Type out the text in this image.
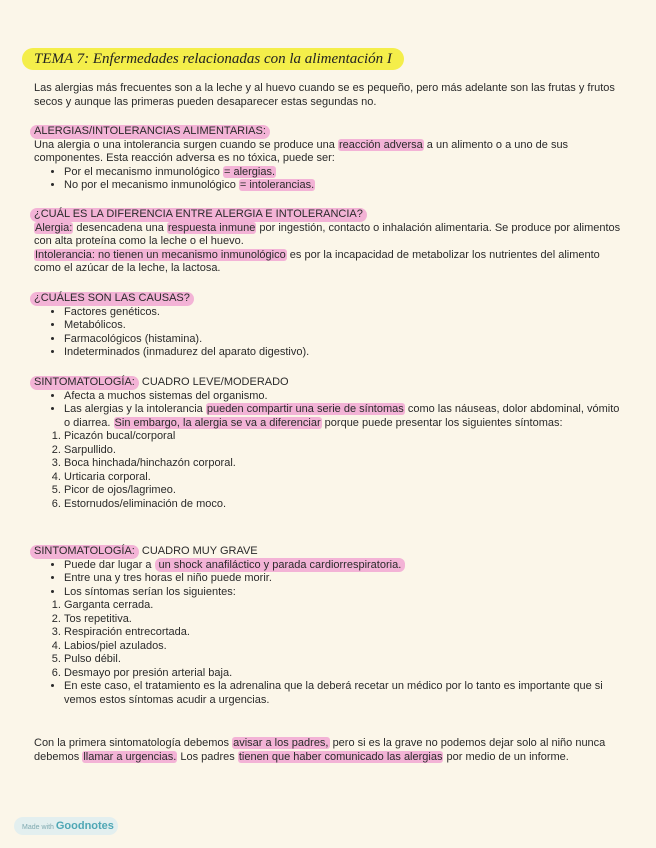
TEMA 7: Enfermedades relacionadas con la alimentación I

Las alergias más frecuentes son a la leche y al huevo cuando se es pequeño, pero más adelante son las frutas y frutos secos y aunque las primeras pueden desaparecer estas segundas no.

ALERGIAS/INTOLERANCIAS ALIMENTARIAS:

Una alergia o una intolerancia surgen cuando se produce una reacción adversa a un alimento o a uno de sus componentes. Esta reacción adversa es no tóxica, puede ser:

• Por el mecanismo inmunológico = alergias.
• No por el mecanismo inmunológico = intolerancias.

¿CUÁL ES LA DIFERENCIA ENTRE ALERGIA E INTOLERANCIA?

Alergia: desencadena una respuesta inmune por ingestión, contacto o inhalación alimentaria. Se produce por alimentos con alta proteína como la leche o el huevo.

Intolerancia: no tienen un mecanismo inmunológico es por la incapacidad de metabolizar los nutrientes del alimento como el azúcar de la leche, la lactosa.

¿CUÁLES SON LAS CAUSAS?

• Factores genéticos.
• Metabólicos.
• Farmacológicos (histamina).
• Indeterminados (inmadurez del aparato digestivo).

SINTOMATOLOGÍA: CUADRO LEVE/MODERADO

• Afecta a muchos sistemas del organismo.
• Las alergias y la intolerancia pueden compartir una serie de síntomas como las náuseas, dolor abdominal, vómito o diarrea. Sin embargo, la alergia se va a diferenciar porque puede presentar los siguientes síntomas:
1. Picazón bucal/corporal
2. Sarpullido.
3. Boca hinchada/hinchazón corporal.
4. Urticaria corporal.
5. Picor de ojos/lagrimeo.
6. Estornudos/eliminación de moco.

SINTOMATOLOGÍA: CUADRO MUY GRAVE

• Puede dar lugar a un shock anafiláctico y parada cardiorrespiratoria.
• Entre una y tres horas el niño puede morir.
• Los síntomas serían los siguientes:
1. Garganta cerrada.
2. Tos repetitiva.
3. Respiración entrecortada.
4. Labios/piel azulados.
5. Pulso débil.
6. Desmayo por presión arterial baja.
• En este caso, el tratamiento es la adrenalina que la deberá recetar un médico por lo tanto es importante que si vemos estos síntomas acudir a urgencias.

Con la primera sintomatología debemos avisar a los padres, pero si es la grave no podemos dejar solo al niño nunca debemos llamar a urgencias. Los padres tienen que haber comunicado las alergias por medio de un informe.

Made with Goodnotes
